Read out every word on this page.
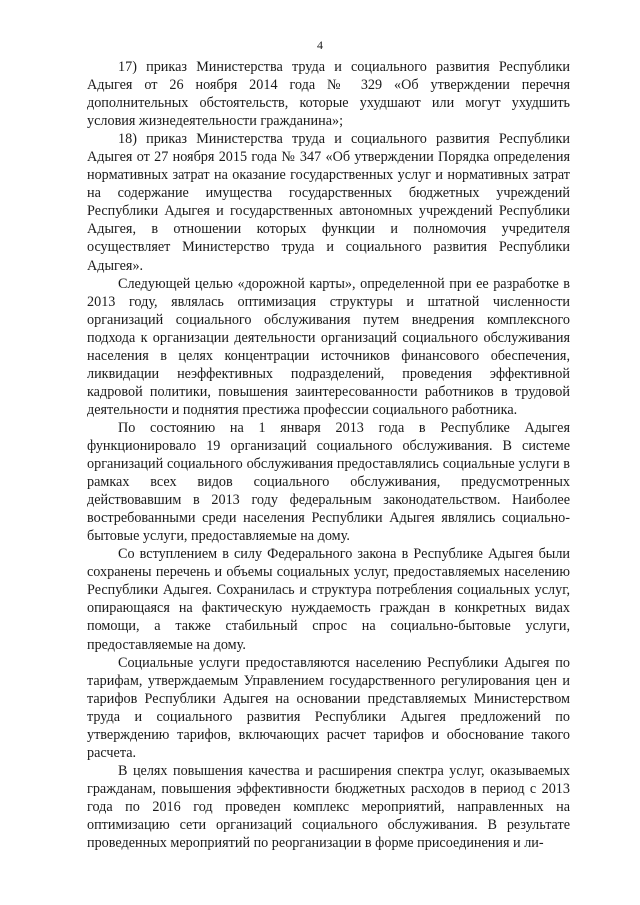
4

17) приказ Министерства труда и социального развития Республики Адыгея от 26 ноября 2014 года № 329 «Об утверждении перечня дополнительных обстоятельств, которые ухудшают или могут ухудшить условия жизнедеятельности гражданина»;

18) приказ Министерства труда и социального развития Республики Адыгея от 27 ноября 2015 года № 347 «Об утверждении Порядка определения нормативных затрат на оказание государственных услуг и нормативных затрат на содержание имущества государственных бюджетных учреждений Республики Адыгея и государственных автономных учреждений Республики Адыгея, в отношении которых функции и полномочия учредителя осуществляет Министерство труда и социального развития Республики Адыгея».

Следующей целью «дорожной карты», определенной при ее разработке в 2013 году, являлась оптимизация структуры и штатной численности организаций социального обслуживания путем внедрения комплексного подхода к организации деятельности организаций социального обслуживания населения в целях концентрации источников финансового обеспечения, ликвидации неэффективных подразделений, проведения эффективной кадровой политики, повышения заинтересованности работников в трудовой деятельности и поднятия престижа профессии социального работника.

По состоянию на 1 января 2013 года в Республике Адыгея функционировало 19 организаций социального обслуживания. В системе организаций социального обслуживания предоставлялись социальные услуги в рамках всех видов социального обслуживания, предусмотренных действовавшим в 2013 году федеральным законодательством. Наиболее востребованными среди населения Республики Адыгея являлись социально-бытовые услуги, предоставляемые на дому.

Со вступлением в силу Федерального закона в Республике Адыгея были сохранены перечень и объемы социальных услуг, предоставляемых населению Республики Адыгея. Сохранилась и структура потребления социальных услуг, опирающаяся на фактическую нуждаемость граждан в конкретных видах помощи, а также стабильный спрос на социально-бытовые услуги, предоставляемые на дому.

Социальные услуги предоставляются населению Республики Адыгея по тарифам, утверждаемым Управлением государственного регулирования цен и тарифов Республики Адыгея на основании представляемых Министерством труда и социального развития Республики Адыгея предложений по утверждению тарифов, включающих расчет тарифов и обоснование такого расчета.

В целях повышения качества и расширения спектра услуг, оказываемых гражданам, повышения эффективности бюджетных расходов в период с 2013 года по 2016 год проведен комплекс мероприятий, направленных на оптимизацию сети организаций социального обслуживания. В результате проведенных мероприятий по реорганизации в форме присоединения и ли-
